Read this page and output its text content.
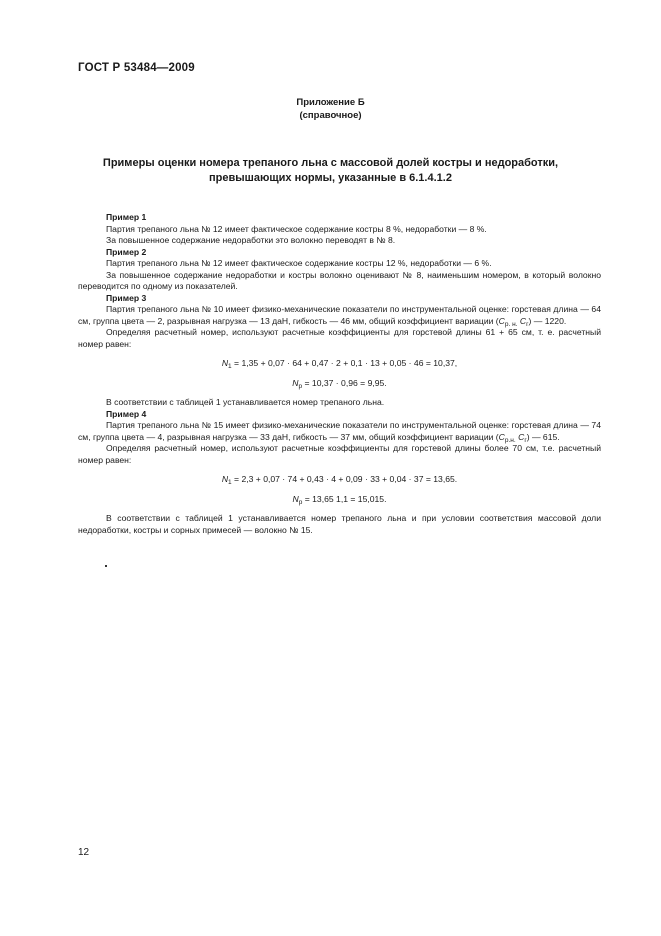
ГОСТ Р 53484—2009
Приложение Б
(справочное)
Примеры оценки номера трепаного льна с массовой долей костры и недоработки,
превышающих нормы, указанные в 6.1.4.1.2

Пример 1

Партия трепаного льна № 12 имеет фактическое содержание костры 8 %, недоработки — 8 %.

За повышенное содержание недоработки это волокно переводят в № 8.

Пример 2

Партия трепаного льна № 12 имеет фактическое содержание костры 12 %, недоработки — 6 %.

За повышенное содержание недоработки и костры волокно оценивают № 8, наименьшим номером, в который волокно переводится по одному из показателей.

Пример 3

Партия трепаного льна № 10 имеет физико-механические показатели по инструментальной оценке: горстевая длина — 64 см, группа цвета — 2, разрывная нагрузка — 13 даН, гибкость — 46 мм, общий коэффициент вариации ($C_{р. н.}$ $C_г$) — 1220.

Определяя расчетный номер, используют расчетные коэффициенты для горстевой длины 61 + 65 см, т. е. расчетный номер равен:

$N_1 = 1,35 + 0,07 \cdot 64 + 0,47 \cdot 2 + 0,1 \cdot 13 + 0,05 \cdot 46 = 10,37$,

$N_р = 10,37 \cdot 0,96 = 9,95$.

В соответствии с таблицей 1 устанавливается номер трепаного льна.

Пример 4

Партия трепаного льна № 15 имеет физико-механические показатели по инструментальной оценке: горстевая длина — 74 см, группа цвета — 4, разрывная нагрузка — 33 даН, гибкость — 37 мм, общий коэффициент вариации ($C_{р.н.}$ $C_г$) — 615.

Определяя расчетный номер, используют расчетные коэффициенты для горстевой длины более 70 см, т.е. расчетный номер равен:

$N_1 = 2,3 + 0,07 \cdot 74 + 0,43 \cdot 4 + 0,09 \cdot 33 + 0,04 \cdot 37 = 13,65$.

$N_р = 13,65$ 1,1 = 15,015.

В соответствии с таблицей 1 устанавливается номер трепаного льна и при условии соответствия массовой доли недоработки, костры и сорных примесей — волокно № 15.

12
